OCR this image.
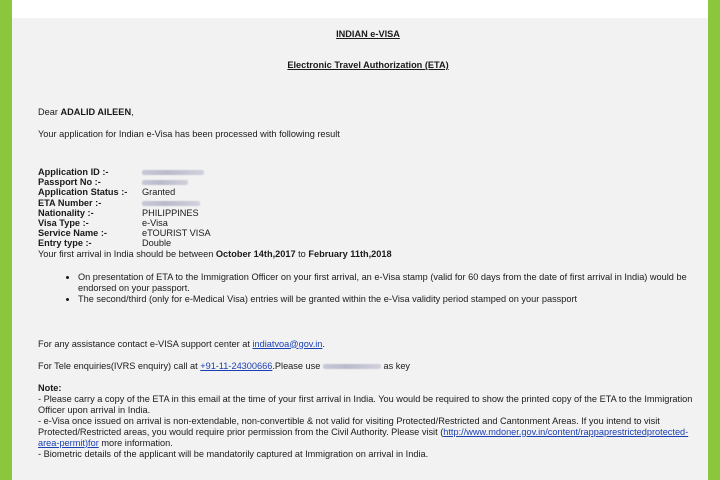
INDIAN e-VISA
Electronic Travel Authorization (ETA)

Dear ADALID AILEEN,

Your application for Indian e-Visa has been processed with following result

Application ID :-
Passport No :-
Application Status :-	Granted
ETA Number :-
Nationality :-	PHILIPPINES
Visa Type :-	e-Visa
Service Name :-	eTOURIST VISA
Entry type :-	Double

Your first arrival in India should be between October 14th,2017 to February 11th,2018

• On presentation of ETA to the Immigration Officer on your first arrival, an e-Visa stamp (valid for 60 days from the date of first arrival in India) would be endorsed on your passport.
• The second/third (only for e-Medical Visa) entries will be granted within the e-Visa validity period stamped on your passport

For any assistance contact e-VISA support center at indiatvoa@gov.in.

For Tele enquiries(IVRS enquiry) call at +91-11-24300666.Please use	as key

Note:

- Please carry a copy of the ETA in this email at the time of your first arrival in India. You would be required to show the printed copy of the ETA to the Immigration Officer upon arrival in India.

- e-Visa once issued on arrival is non-extendable, non-convertible & not valid for visiting Protected/Restricted and Cantonment Areas. If you intend to visit Protected/Restricted areas, you would require prior permission from the Civil Authority. Please visit (http://www.mdoner.gov.in/content/rappaprestrictedprotected-area-permit)for more information.

- Biometric details of the applicant will be mandatorily captured at Immigration on arrival in India.
